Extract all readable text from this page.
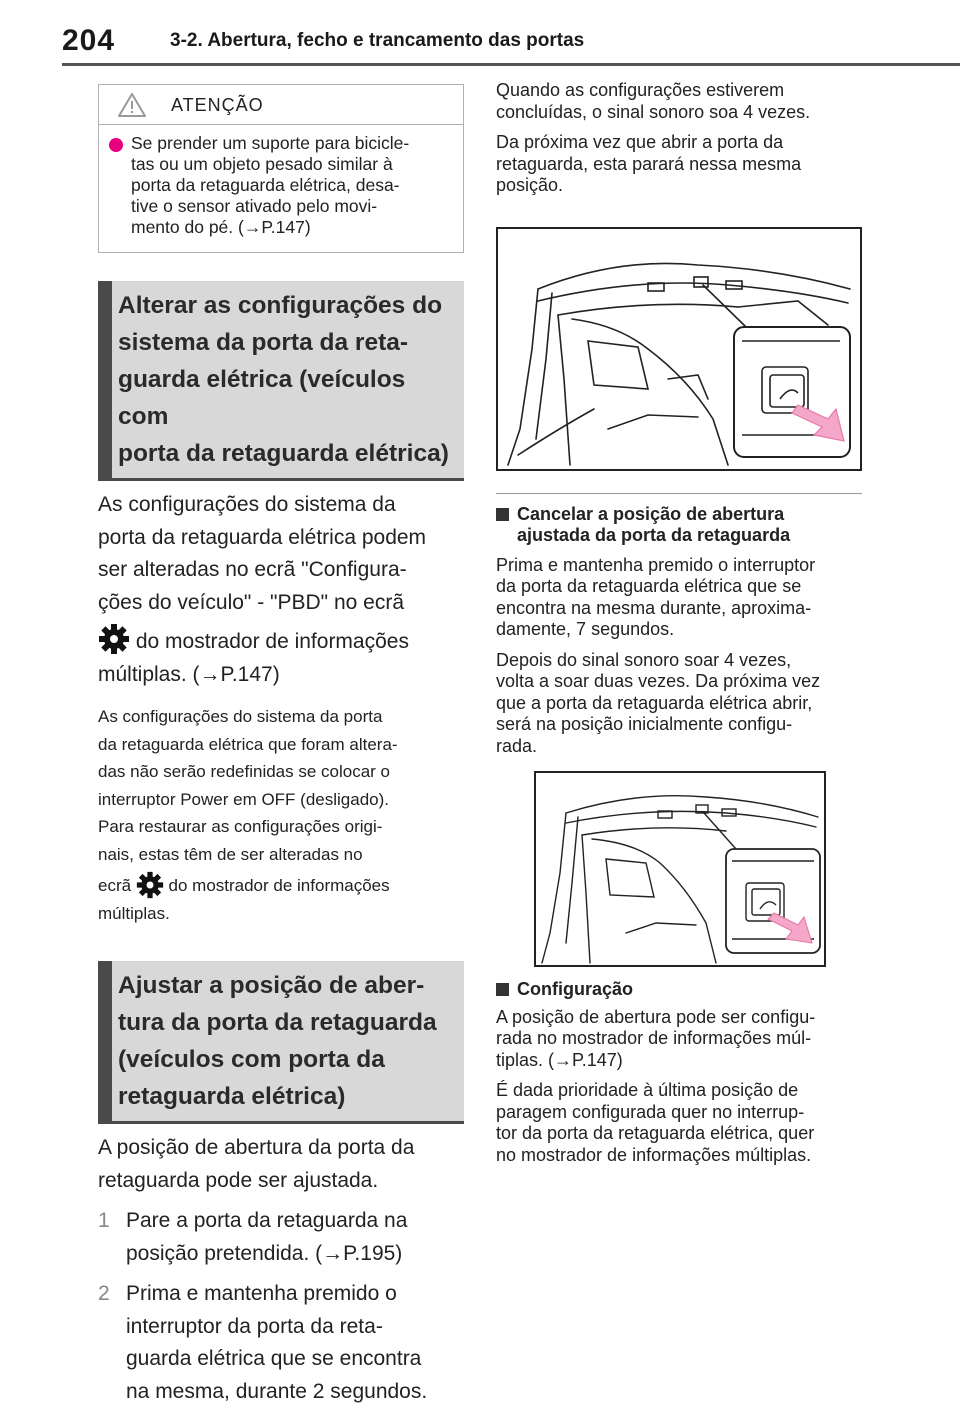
204	3-2. Abertura, fecho e trancamento das portas
ATENÇÃO
Se prender um suporte para bicicle-
tas ou um objeto pesado similar à
porta da retaguarda elétrica, desa-
tive o sensor ativado pelo movi-
mento do pé. (→P.147)
Alterar as configurações do
sistema da porta da reta-
guarda elétrica (veículos com
porta da retaguarda elétrica)
As configurações do sistema da
porta da retaguarda elétrica podem
ser alteradas no ecrã "Configura-
ções do veículo" - "PBD" no ecrã
do mostrador de informações
múltiplas. (→P.147)
As configurações do sistema da porta
da retaguarda elétrica que foram altera-
das não serão redefinidas se colocar o
interruptor Power em OFF (desligado).
Para restaurar as configurações origi-
nais, estas têm de ser alteradas no
ecrã  do mostrador de informações
múltiplas.
Ajustar a posição de aber-
tura da porta da retaguarda
(veículos com porta da
retaguarda elétrica)
A posição de abertura da porta da
retaguarda pode ser ajustada.
1 Pare a porta da retaguarda na
posição pretendida. (→P.195)
2 Prima e mantenha premido o
interruptor da porta da reta-
guarda elétrica que se encontra
na mesma, durante 2 segundos.
Quando as configurações estiverem
concluídas, o sinal sonoro soa 4 vezes.
Da próxima vez que abrir a porta da
retaguarda, esta parará nessa mesma
posição.
Cancelar a posição de abertura
ajustada da porta da retaguarda
Prima e mantenha premido o interruptor
da porta da retaguarda elétrica que se
encontra na mesma durante, aproxima-
damente, 7 segundos.
Depois do sinal sonoro soar 4 vezes,
volta a soar duas vezes. Da próxima vez
que a porta da retaguarda elétrica abrir,
será na posição inicialmente configu-
rada.
Configuração
A posição de abertura pode ser configu-
rada no mostrador de informações múl-
tiplas. (→P.147)
É dada prioridade à última posição de
paragem configurada quer no interrup-
tor da porta da retaguarda elétrica, quer
no mostrador de informações múltiplas.
